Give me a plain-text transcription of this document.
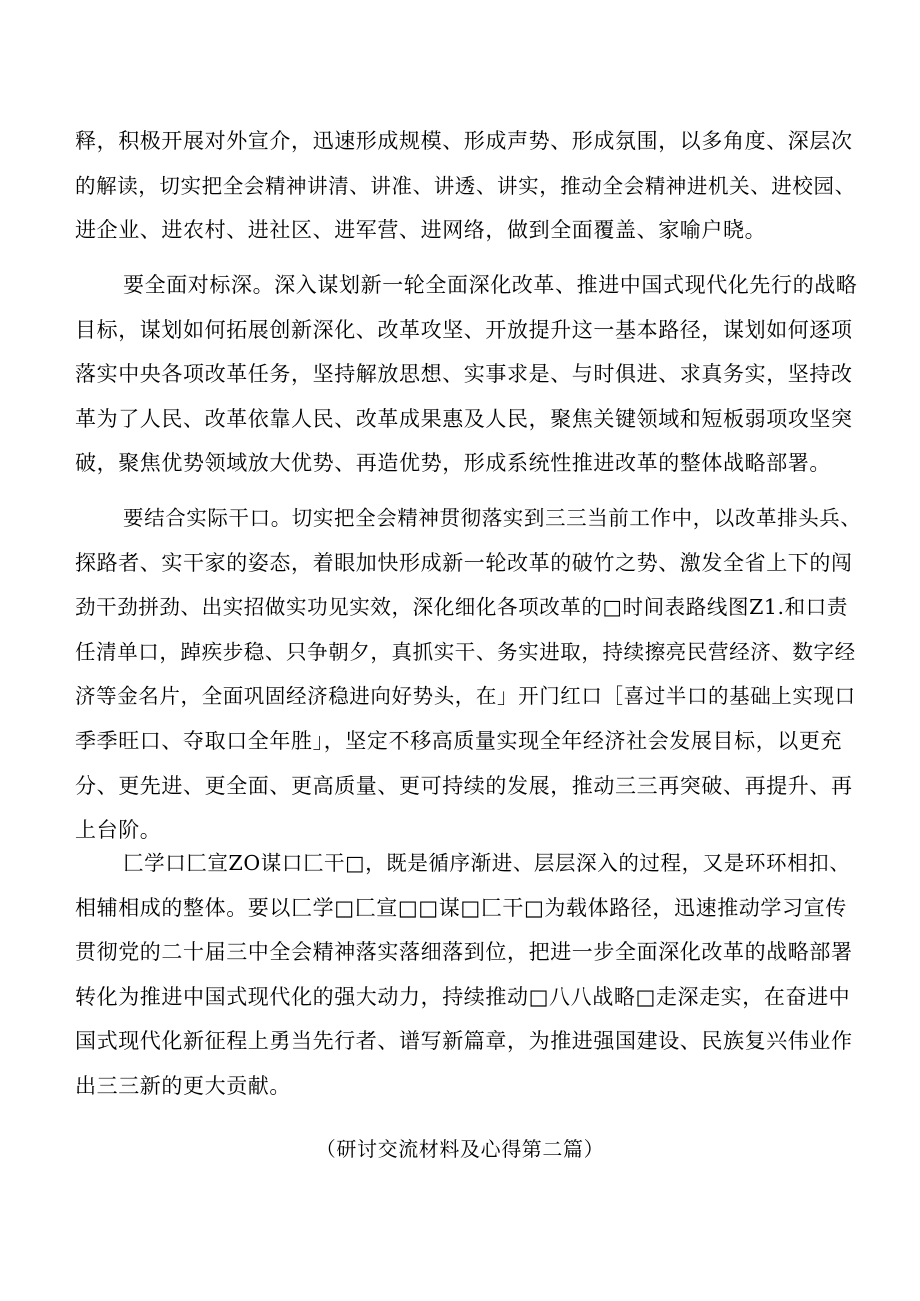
释，积极开展对外宣介，迅速形成规模、形成声势、形成氛围，以多角度、深层次
的解读，切实把全会精神讲清、讲准、讲透、讲实，推动全会精神进机关、进校园、
进企业、进农村、进社区、进军营、进网络，做到全面覆盖、家喻户晓。
要全面对标深。深入谋划新一轮全面深化改革、推进中国式现代化先行的战略
目标，谋划如何拓展创新深化、改革攻坚、开放提升这一基本路径，谋划如何逐项
落实中央各项改革任务，坚持解放思想、实事求是、与时俱进、求真务实，坚持改
革为了人民、改革依靠人民、改革成果惠及人民，聚焦关键领域和短板弱项攻坚突
破，聚焦优势领域放大优势、再造优势，形成系统性推进改革的整体战略部署。
要结合实际干口。切实把全会精神贯彻落实到三三当前工作中，以改革排头兵、
探路者、实干家的姿态，着眼加快形成新一轮改革的破竹之势、激发全省上下的闯
劲干劲拼劲、出实招做实功见实效，深化细化各项改革的□时间表路线图Z1.和口责
任清单口，踔疾步稳、只争朝夕，真抓实干、务实进取，持续擦亮民营经济、数字经
济等金名片，全面巩固经济稳进向好势头，在」开门红口［喜过半口的基础上实现口
季季旺口、夺取口全年胜」，坚定不移高质量实现全年经济社会发展目标，以更充
分、更先进、更全面、更高质量、更可持续的发展，推动三三再突破、再提升、再
上台阶。
匚学口匚宣ZO谋口匚干□，既是循序渐进、层层深入的过程，又是环环相扣、
相辅相成的整体。要以匚学□匚宣□□谋□匚干□为载体路径，迅速推动学习宣传
贯彻党的二十届三中全会精神落实落细落到位，把进一步全面深化改革的战略部署
转化为推进中国式现代化的强大动力，持续推动□八八战略□走深走实，在奋进中
国式现代化新征程上勇当先行者、谱写新篇章，为推进强国建设、民族复兴伟业作
出三三新的更大贡献。

（研讨交流材料及心得第二篇）
